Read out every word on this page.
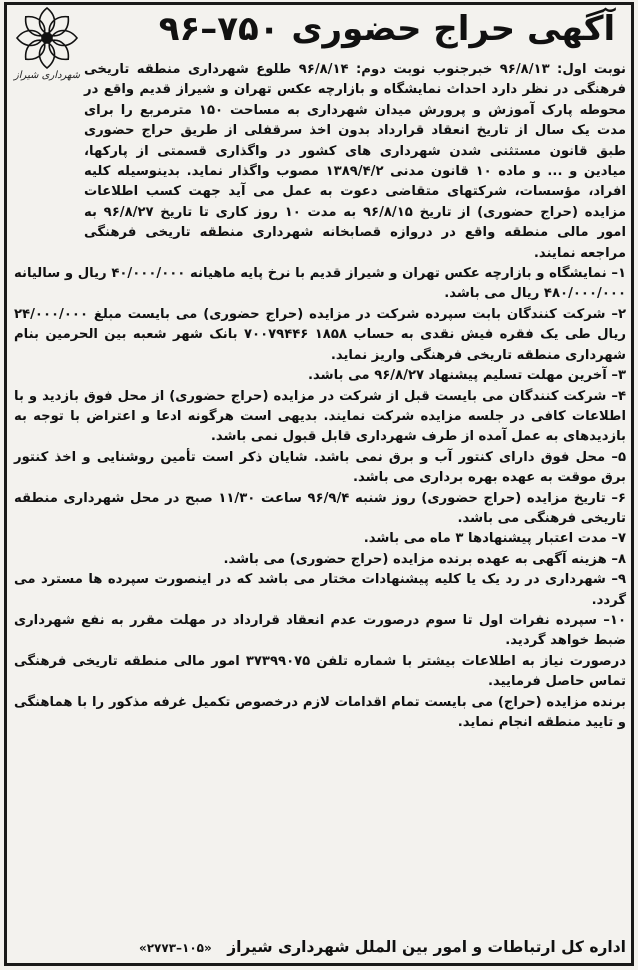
شهرداری شیراز
آگهی حراج حضوری ۷۵۰–۹۶

نوبت اول: ۹۶/۸/۱۳ خبرجنوب نوبت دوم: ۹۶/۸/۱۴ طلوع شهرداری منطقه تاریخی فرهنگی در نظر دارد احداث نمایشگاه و بازارچه عکس تهران و شیراز قدیم واقع در محوطه پارک آموزش و پرورش میدان شهرداری به مساحت ۱۵۰ مترمربع را برای مدت یک سال از تاریخ انعقاد قرارداد بدون اخذ سرقفلی از طریق حراج حضوری طبق قانون مستثنی شدن شهرداری های کشور در واگذاری قسمتی از پارکها، میادین و ... و ماده ۱۰ قانون مدنی ۱۳۸۹/۴/۲ مصوب واگذار نماید. بدینوسیله کلیه افراد، مؤسسات، شرکتهای متقاضی دعوت به عمل می آید جهت کسب اطلاعات مزایده (حراج حضوری) از تاریخ ۹۶/۸/۱۵ به مدت ۱۰ روز کاری تا تاریخ ۹۶/۸/۲۷ به امور مالی منطقه واقع در دروازه قصابخانه شهرداری منطقه تاریخی فرهنگی مراجعه نمایند.

۱– نمایشگاه و بازارچه عکس تهران و شیراز قدیم با نرخ پایه ماهیانه ۴۰/۰۰۰/۰۰۰ ریال و سالیانه ۴۸۰/۰۰۰/۰۰۰ ریال می باشد.

۲– شرکت کنندگان بابت سپرده شرکت در مزایده (حراج حضوری) می بایست مبلغ ۲۴/۰۰۰/۰۰۰ ریال طی یک فقره فیش نقدی به حساب ۱۸۵۸ ۷۰۰۷۹۴۴۶ بانک شهر شعبه بین الحرمین بنام شهرداری منطقه تاریخی فرهنگی واریز نماید.

۳– آخرین مهلت تسلیم پیشنهاد ۹۶/۸/۲۷ می باشد.

۴– شرکت کنندگان می بایست قبل از شرکت در مزایده (حراج حضوری) از محل فوق بازدید و با اطلاعات کافی در جلسه مزایده شرکت نمایند. بدیهی است هرگونه ادعا و اعتراض با توجه به بازدیدهای به عمل آمده از طرف شهرداری قابل قبول نمی باشد.

۵– محل فوق دارای کنتور آب و برق نمی باشد. شایان ذکر است تأمین روشنایی و اخذ کنتور برق موقت به عهده بهره برداری می باشد.

۶– تاریخ مزایده (حراج حضوری) روز شنبه ۹۶/۹/۴ ساعت ۱۱/۳۰ صبح در محل شهرداری منطقه تاریخی فرهنگی می باشد.

۷– مدت اعتبار پیشنهادها ۳ ماه می باشد.

۸– هزینه آگهی به عهده برنده مزایده (حراج حضوری) می باشد.

۹– شهرداری در رد یک یا کلیه پیشنهادات مختار می باشد که در اینصورت سپرده ها مسترد می گردد.

۱۰– سپرده نفرات اول تا سوم درصورت عدم انعقاد قرارداد در مهلت مقرر به نفع شهرداری ضبط خواهد گردید.

درصورت نیاز به اطلاعات بیشتر با شماره تلفن ۳۷۳۹۹۰۷۵ امور مالی منطقه تاریخی فرهنگی تماس حاصل فرمایید.

برنده مزایده (حراج) می بایست تمام اقدامات لازم درخصوص تکمیل غرفه مذکور را با هماهنگی و تایید منطقه انجام نماید.

اداره کل ارتباطات و امور بین الملل شهرداری شیراز «۱۰۵–۲۷۷۳»
